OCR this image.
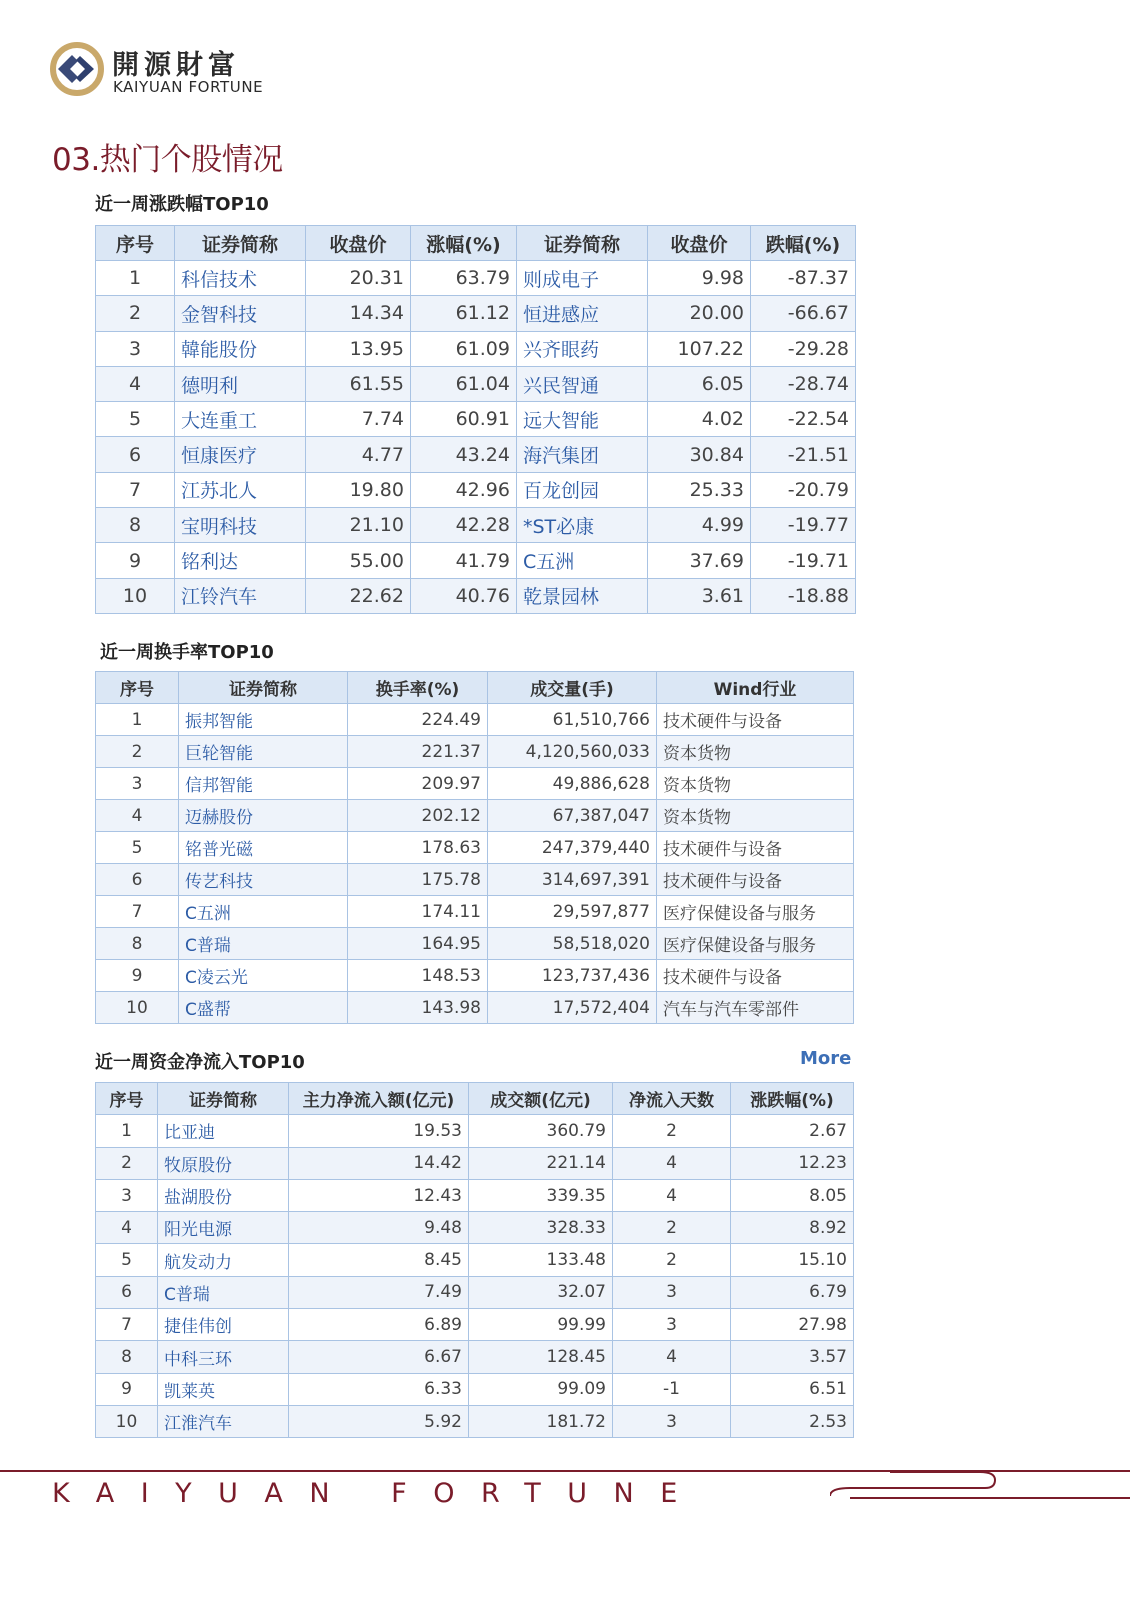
開源財富
KAIYUAN FORTUNE
03.热门个股情况
近一周涨跌幅TOP10
序号	证券简称	收盘价	涨幅(%)	证券简称	收盘价	跌幅(%)
1	科信技术	20.31	63.79	则成电子	9.98	-87.37
2	金智科技	14.34	61.12	恒进感应	20.00	-66.67
3	韓能股份	13.95	61.09	兴齐眼药	107.22	-29.28
4	德明利	61.55	61.04	兴民智通	6.05	-28.74
5	大连重工	7.74	60.91	远大智能	4.02	-22.54
6	恒康医疗	4.77	43.24	海汽集团	30.84	-21.51
7	江苏北人	19.80	42.96	百龙创园	25.33	-20.79
8	宝明科技	21.10	42.28	*ST必康	4.99	-19.77
9	铭利达	55.00	41.79	C五洲	37.69	-19.71
10	江铃汽车	22.62	40.76	乾景园林	3.61	-18.88
近一周换手率TOP10
序号	证券简称	换手率(%)	成交量(手)	Wind行业
1	振邦智能	224.49	61,510,766	技术硬件与设备
2	巨轮智能	221.37	4,120,560,033	资本货物
3	信邦智能	209.97	49,886,628	资本货物
4	迈赫股份	202.12	67,387,047	资本货物
5	铭普光磁	178.63	247,379,440	技术硬件与设备
6	传艺科技	175.78	314,697,391	技术硬件与设备
7	C五洲	174.11	29,597,877	医疗保健设备与服务
8	C普瑞	164.95	58,518,020	医疗保健设备与服务
9	C凌云光	148.53	123,737,436	技术硬件与设备
10	C盛帮	143.98	17,572,404	汽车与汽车零部件
近一周资金净流入TOP10	More
序号	证券简称	主力净流入额(亿元)	成交额(亿元)	净流入天数	涨跌幅(%)
1	比亚迪	19.53	360.79	2	2.67
2	牧原股份	14.42	221.14	4	12.23
3	盐湖股份	12.43	339.35	4	8.05
4	阳光电源	9.48	328.33	2	8.92
5	航发动力	8.45	133.48	2	15.10
6	C普瑞	7.49	32.07	3	6.79
7	捷佳伟创	6.89	99.99	3	27.98
8	中科三环	6.67	128.45	4	3.57
9	凯莱英	6.33	99.09	-1	6.51
10	江淮汽车	5.92	181.72	3	2.53
KAIYUAN FORTUNE
